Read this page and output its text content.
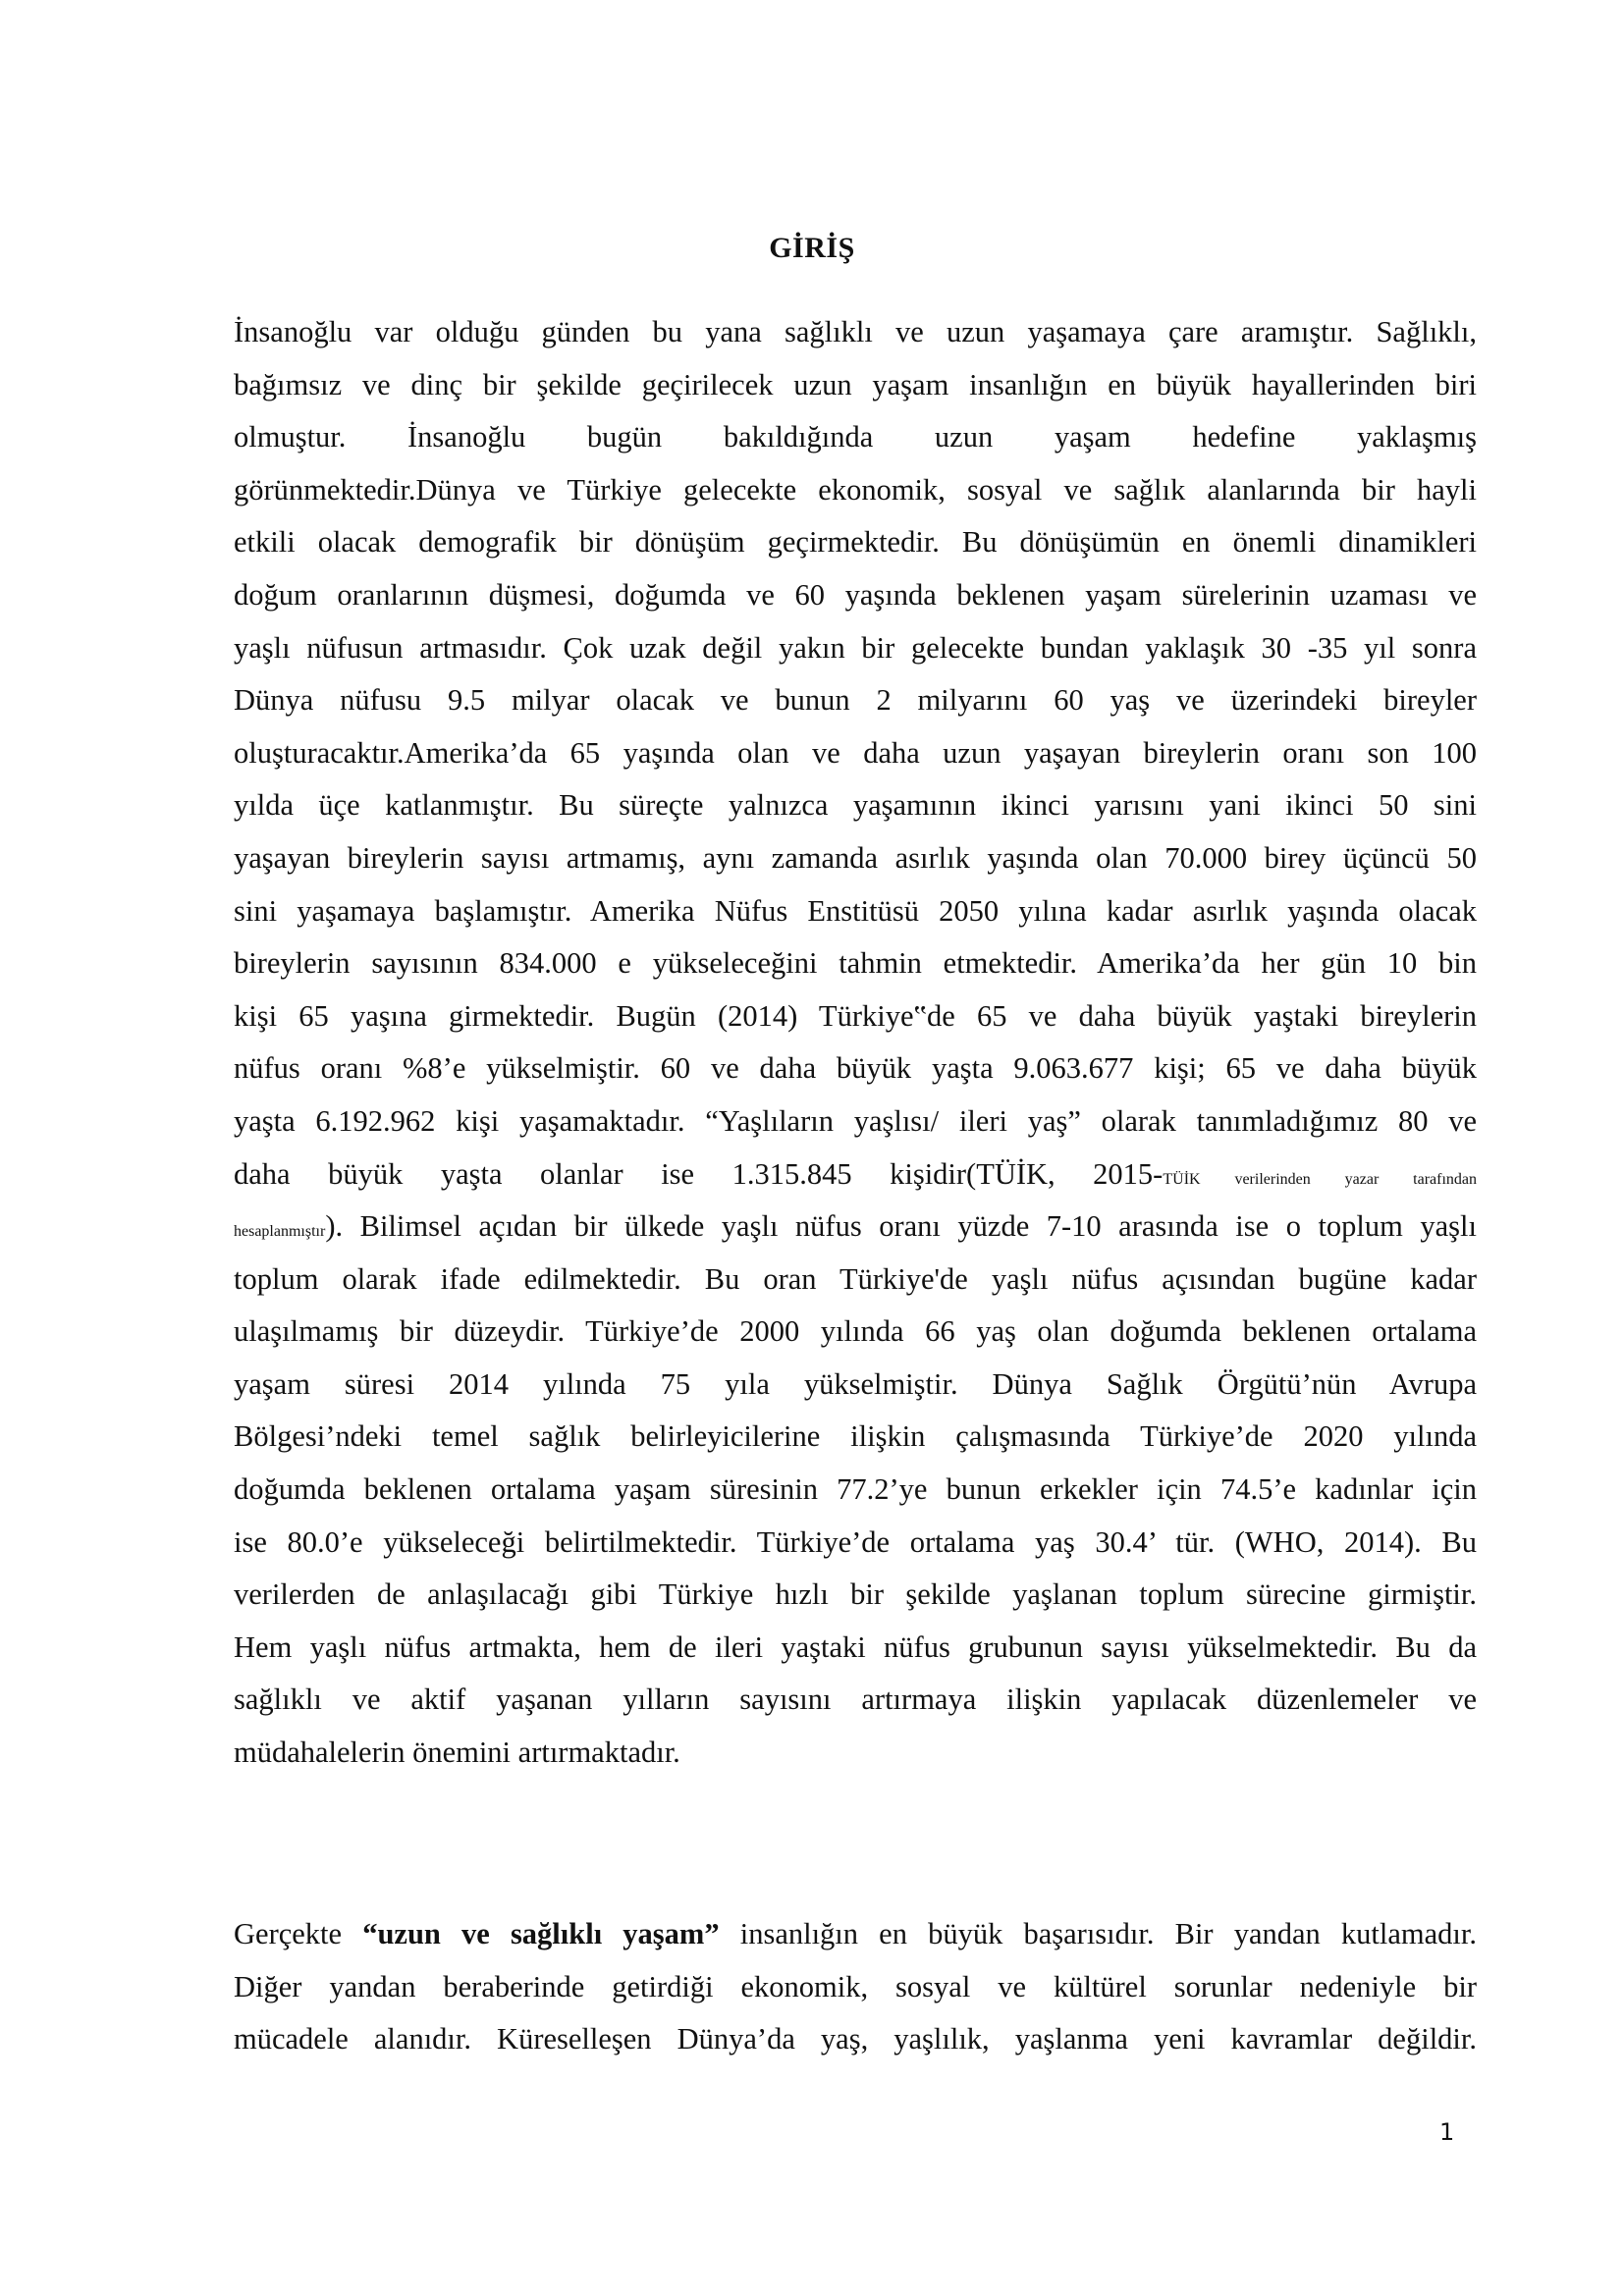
GİRİŞ
İnsanoğlu var olduğu günden bu yana sağlıklı ve uzun yaşamaya çare aramıştır. Sağlıklı,
bağımsız ve dinç bir şekilde geçirilecek uzun yaşam insanlığın en büyük hayallerinden biri
olmuştur. İnsanoğlu bugün bakıldığında uzun yaşam hedefine yaklaşmış
görünmektedir.Dünya ve Türkiye gelecekte ekonomik, sosyal ve sağlık alanlarında bir hayli
etkili olacak demografik bir dönüşüm geçirmektedir. Bu dönüşümün en önemli dinamikleri
doğum oranlarının düşmesi, doğumda ve 60 yaşında beklenen yaşam sürelerinin uzaması ve
yaşlı nüfusun artmasıdır. Çok uzak değil yakın bir gelecekte bundan yaklaşık 30 -35 yıl sonra
Dünya nüfusu 9.5 milyar olacak ve bunun 2 milyarını 60 yaş ve üzerindeki bireyler
oluşturacaktır.Amerika’da 65 yaşında olan ve daha uzun yaşayan bireylerin oranı son 100
yılda üçe katlanmıştır. Bu süreçte yalnızca yaşamının ikinci yarısını yani ikinci 50 sini
yaşayan bireylerin sayısı artmamış, aynı zamanda asırlık yaşında olan 70.000 birey üçüncü 50
sini yaşamaya başlamıştır. Amerika Nüfus Enstitüsü 2050 yılına kadar asırlık yaşında olacak
bireylerin sayısının 834.000 e yükseleceğini tahmin etmektedir. Amerika’da her gün 10 bin
kişi 65 yaşına girmektedir. Bugün (2014) Türkiye‟de 65 ve daha büyük yaştaki bireylerin
nüfus oranı %8’e yükselmiştir. 60 ve daha büyük yaşta 9.063.677 kişi; 65 ve daha büyük
yaşta 6.192.962 kişi yaşamaktadır. “Yaşlıların yaşlısı/ ileri yaş” olarak tanımladığımız 80 ve
daha büyük yaşta olanlar ise 1.315.845 kişidir(TÜİK, 2015-TÜİK verilerinden yazar tarafından
hesaplanmıştır). Bilimsel açıdan bir ülkede yaşlı nüfus oranı yüzde 7-10 arasında ise o toplum yaşlı
toplum olarak ifade edilmektedir. Bu oran Türkiye'de yaşlı nüfus açısından bugüne kadar
ulaşılmamış bir düzeydir. Türkiye’de 2000 yılında 66 yaş olan doğumda beklenen ortalama
yaşam süresi 2014 yılında 75 yıla yükselmiştir. Dünya Sağlık Örgütü’nün Avrupa
Bölgesi’ndeki temel sağlık belirleyicilerine ilişkin çalışmasında Türkiye’de 2020 yılında
doğumda beklenen ortalama yaşam süresinin 77.2’ye bunun erkekler için 74.5’e kadınlar için
ise 80.0’e yükseleceği belirtilmektedir. Türkiye’de ortalama yaş 30.4’ tür. (WHO, 2014). Bu
verilerden de anlaşılacağı gibi Türkiye hızlı bir şekilde yaşlanan toplum sürecine girmiştir.
Hem yaşlı nüfus artmakta, hem de ileri yaştaki nüfus grubunun sayısı yükselmektedir. Bu da
sağlıklı ve aktif yaşanan yılların sayısını artırmaya ilişkin yapılacak düzenlemeler ve
müdahalelerin önemini artırmaktadır.
Gerçekte “uzun ve sağlıklı yaşam” insanlığın en büyük başarısıdır. Bir yandan kutlamadır.
Diğer yandan beraberinde getirdiği ekonomik, sosyal ve kültürel sorunlar nedeniyle bir
mücadele alanıdır. Küreselleşen Dünya’da yaş, yaşlılık, yaşlanma yeni kavramlar değildir.
1
